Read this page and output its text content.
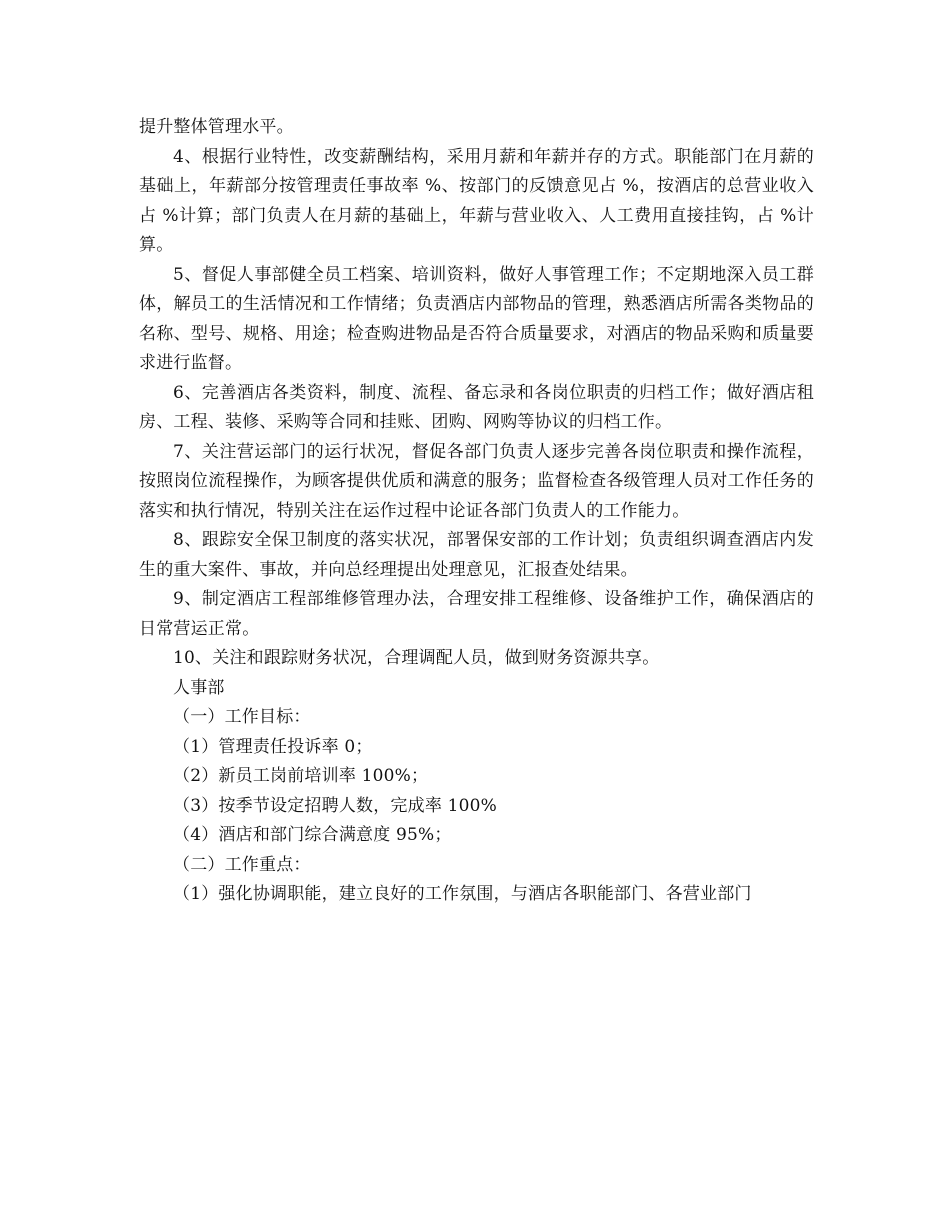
提升整体管理水平。

4、根据行业特性，改变薪酬结构，采用月薪和年薪并存的方式。职能部门在月薪的基础上，年薪部分按管理责任事故率 %、按部门的反馈意见占 %，按酒店的总营业收入占 %计算；部门负责人在月薪的基础上，年薪与营业收入、人工费用直接挂钩，占 %计算。

5、督促人事部健全员工档案、培训资料，做好人事管理工作；不定期地深入员工群体，解员工的生活情况和工作情绪；负责酒店内部物品的管理，熟悉酒店所需各类物品的名称、型号、规格、用途；检查购进物品是否符合质量要求，对酒店的物品采购和质量要求进行监督。

6、完善酒店各类资料，制度、流程、备忘录和各岗位职责的归档工作；做好酒店租房、工程、装修、采购等合同和挂账、团购、网购等协议的归档工作。

7、关注营运部门的运行状况，督促各部门负责人逐步完善各岗位职责和操作流程，按照岗位流程操作，为顾客提供优质和满意的服务；监督检查各级管理人员对工作任务的落实和执行情况，特别关注在运作过程中论证各部门负责人的工作能力。

8、跟踪安全保卫制度的落实状况，部署保安部的工作计划；负责组织调查酒店内发生的重大案件、事故，并向总经理提出处理意见，汇报查处结果。

9、制定酒店工程部维修管理办法，合理安排工程维修、设备维护工作，确保酒店的日常营运正常。

10、关注和跟踪财务状况，合理调配人员，做到财务资源共享。

人事部

（一）工作目标：

（1）管理责任投诉率 0；

（2）新员工岗前培训率 100%；

（3）按季节设定招聘人数，完成率 100%

（4）酒店和部门综合满意度 95%；

（二）工作重点：

（1）强化协调职能，建立良好的工作氛围，与酒店各职能部门、各营业部门
